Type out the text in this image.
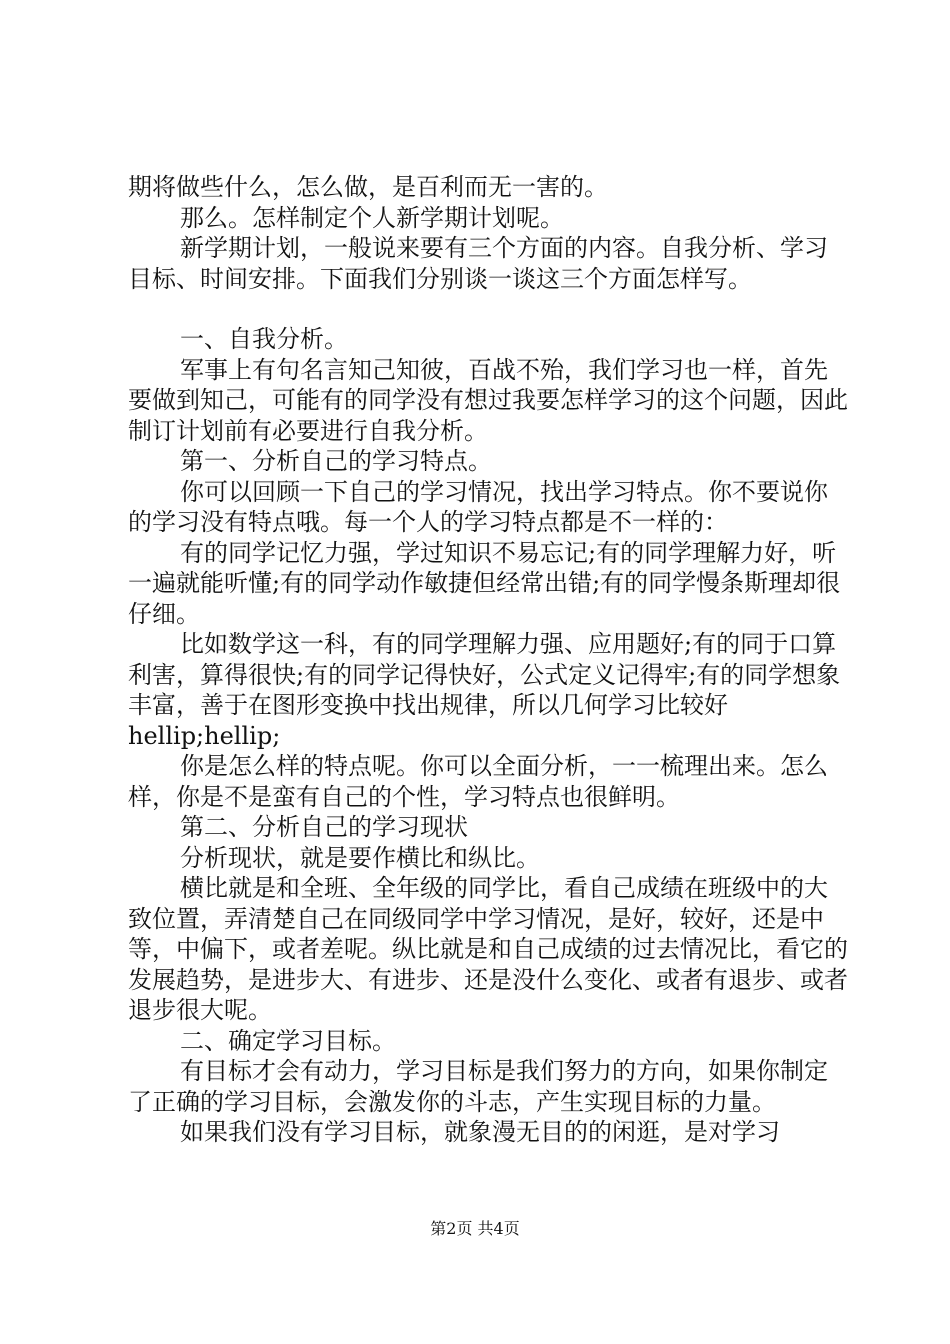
期将做些什么，怎么做，是百利而无一害的。

那么。怎样制定个人新学期计划呢。

新学期计划，一般说来要有三个方面的内容。自我分析、学习目标、时间安排。下面我们分别谈一谈这三个方面怎样写。

一、自我分析。

军事上有句名言知己知彼，百战不殆，我们学习也一样，首先要做到知己，可能有的同学没有想过我要怎样学习的这个问题，因此制订计划前有必要进行自我分析。

第一、分析自己的学习特点。

你可以回顾一下自己的学习情况，找出学习特点。你不要说你的学习没有特点哦。每一个人的学习特点都是不一样的：

有的同学记忆力强，学过知识不易忘记;有的同学理解力好，听一遍就能听懂;有的同学动作敏捷但经常出错;有的同学慢条斯理却很仔细。

比如数学这一科，有的同学理解力强、应用题好;有的同于口算利害，算得很快;有的同学记得快好，公式定义记得牢;有的同学想象丰富，善于在图形变换中找出规律，所以几何学习比较好hellip;hellip;

你是怎么样的特点呢。你可以全面分析，一一梳理出来。怎么样，你是不是蛮有自己的个性，学习特点也很鲜明。

第二、分析自己的学习现状

分析现状，就是要作横比和纵比。

横比就是和全班、全年级的同学比，看自己成绩在班级中的大致位置，弄清楚自己在同级同学中学习情况，是好，较好，还是中等，中偏下，或者差呢。纵比就是和自己成绩的过去情况比，看它的发展趋势，是进步大、有进步、还是没什么变化、或者有退步、或者退步很大呢。

二、确定学习目标。

有目标才会有动力，学习目标是我们努力的方向，如果你制定了正确的学习目标，会激发你的斗志，产生实现目标的力量。

如果我们没有学习目标，就象漫无目的的闲逛，是对学习

第2页 共4页
